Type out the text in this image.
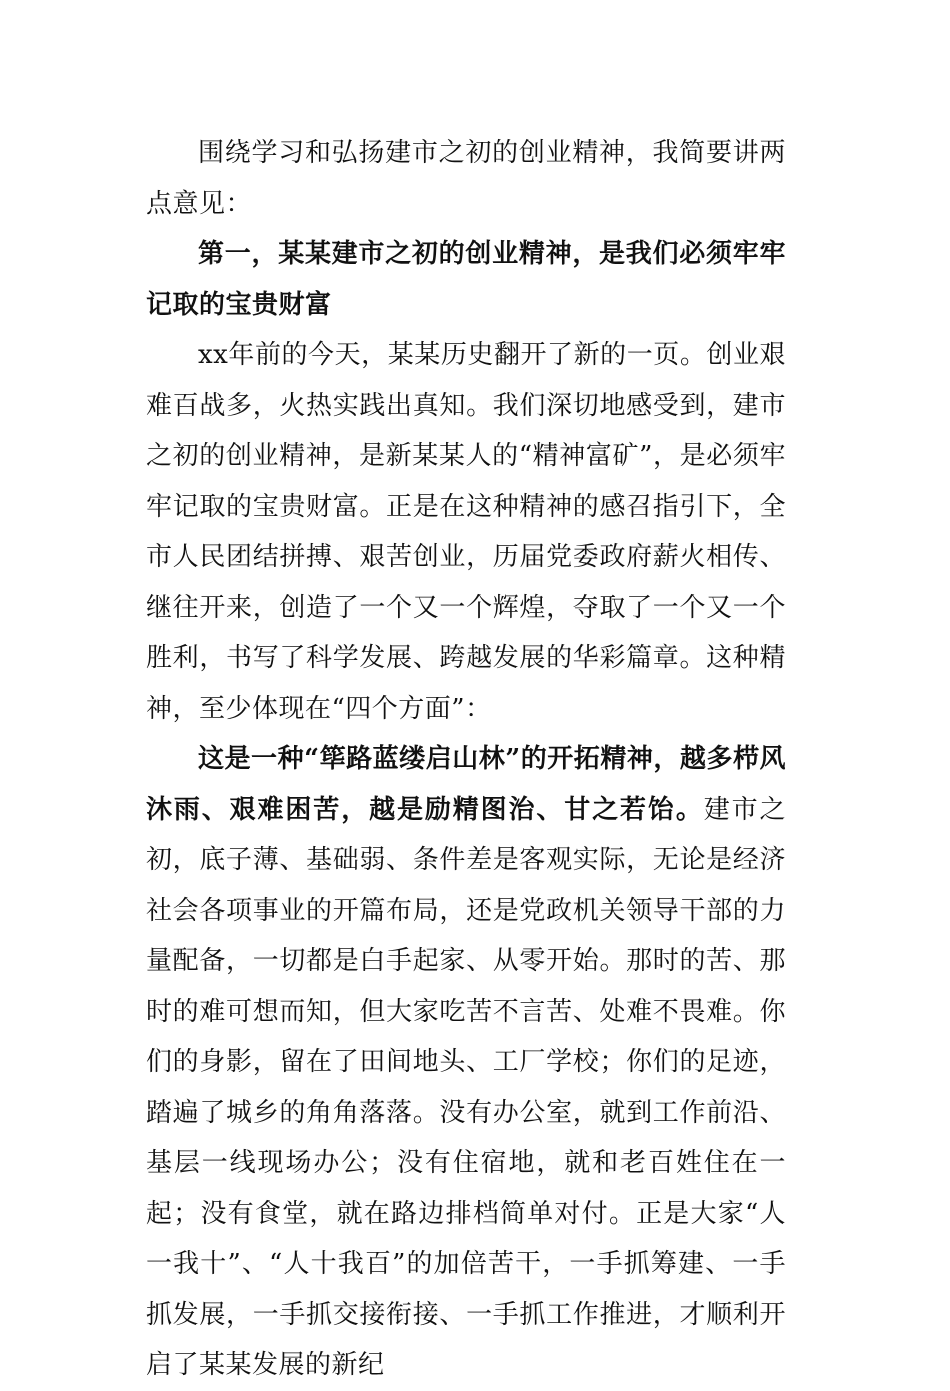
围绕学习和弘扬建市之初的创业精神，我简要讲两点意见：

第一，某某建市之初的创业精神，是我们必须牢牢记取的宝贵财富

xx年前的今天，某某历史翻开了新的一页。创业艰难百战多，火热实践出真知。我们深切地感受到，建市之初的创业精神，是新某某人的“精神富矿”，是必须牢牢记取的宝贵财富。正是在这种精神的感召指引下，全市人民团结拼搏、艰苦创业，历届党委政府薪火相传、继往开来，创造了一个又一个辉煌，夺取了一个又一个胜利，书写了科学发展、跨越发展的华彩篇章。这种精神，至少体现在“四个方面”：

这是一种“筚路蓝缕启山林”的开拓精神，越多栉风沐雨、艰难困苦，越是励精图治、甘之若饴。建市之初，底子薄、基础弱、条件差是客观实际，无论是经济社会各项事业的开篇布局，还是党政机关领导干部的力量配备，一切都是白手起家、从零开始。那时的苦、那时的难可想而知，但大家吃苦不言苦、处难不畏难。你们的身影，留在了田间地头、工厂学校；你们的足迹，踏遍了城乡的角角落落。没有办公室，就到工作前沿、基层一线现场办公；没有住宿地，就和老百姓住在一起；没有食堂，就在路边排档简单对付。正是大家“人一我十”、“人十我百”的加倍苦干，一手抓筹建、一手抓发展，一手抓交接衔接、一手抓工作推进，才顺利开启了某某发展的新纪
